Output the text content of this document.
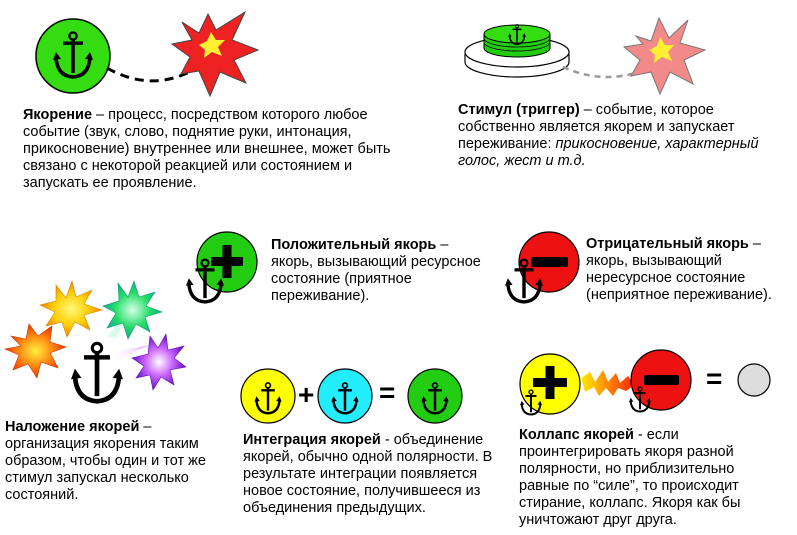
+ =	=
Якорение – процесс, посредством которого любое событие (звук, слово, поднятие руки, интонация, прикосновение) внутреннее или внешнее, может быть связано с некоторой реакцией или состоянием и запускать ее проявление.
Стимул (триггер) – событие, которое собственно является якорем и запускает переживание: прикосновение, характерный голос, жест и т.д.
Положительный якорь – якорь, вызывающий ресурсное состояние (приятное переживание).
Отрицательный якорь – якорь, вызывающий нересурсное состояние (неприятное переживание).
Наложение якорей – организация якорения таким образом, чтобы один и тот же стимул запускал несколько состояний.
Интеграция якорей - объединение якорей, обычно одной полярности. В результате интеграции появляется новое состояние, получившееся из объединения предыдущих.
Коллапс якорей - если проинтегрировать якоря разной полярности, но приблизительно равные по “силе”, то происходит стирание, коллапс. Якоря как бы уничтожают друг друга.
